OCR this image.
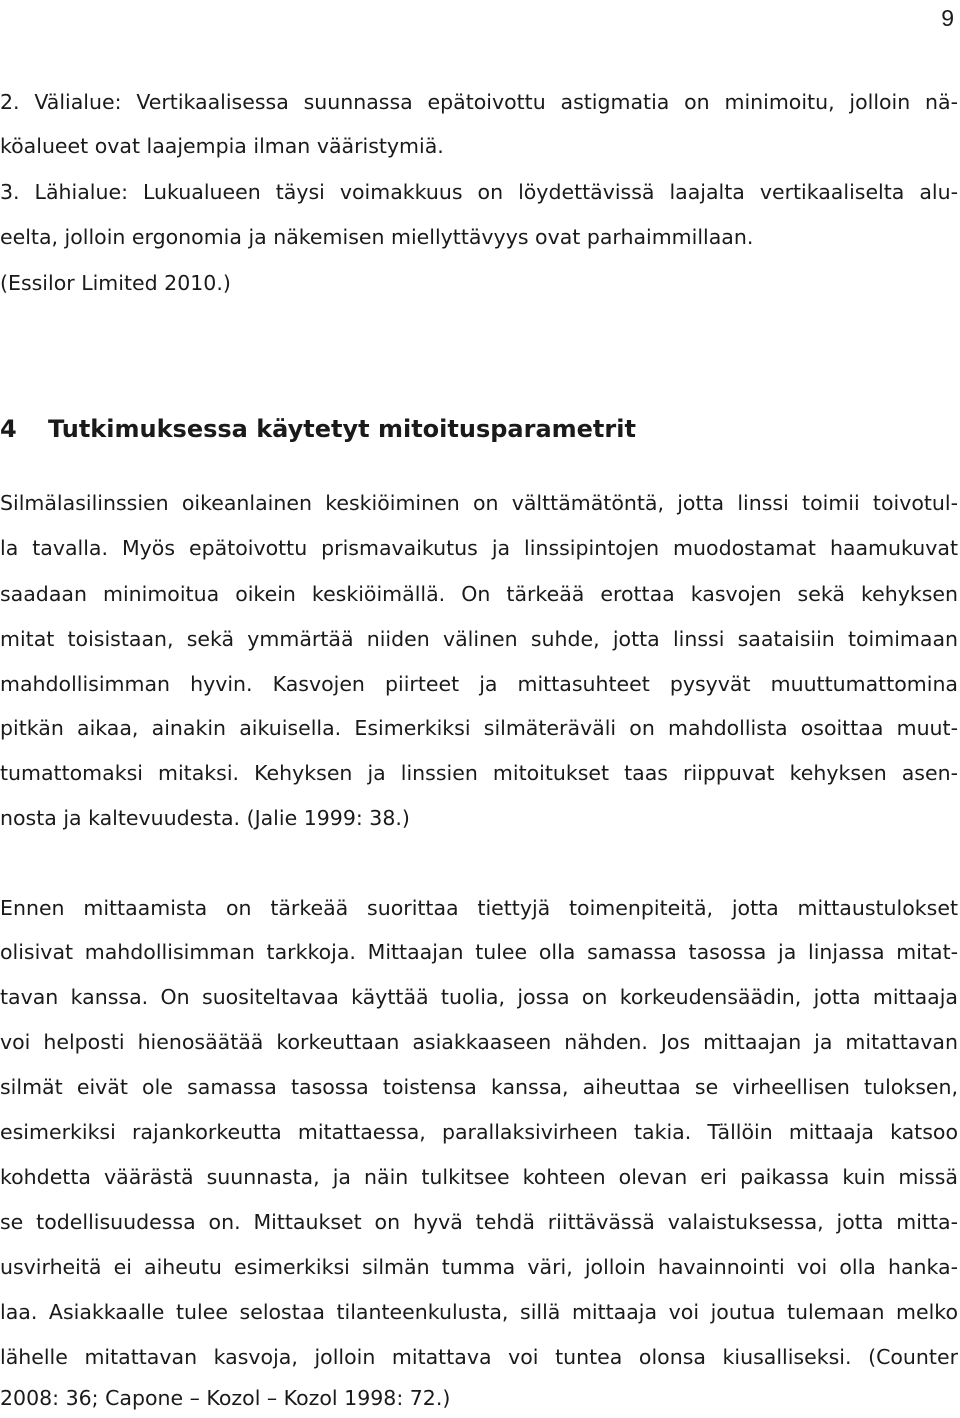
9
2. Välialue: Vertikaalisessa suunnassa epätoivottu astigmatia on minimoitu, jolloin nä-
köalueet ovat laajempia ilman vääristymiä.
3. Lähialue: Lukualueen täysi voimakkuus on löydettävissä laajalta vertikaaliselta alu-
eelta, jolloin ergonomia ja näkemisen miellyttävyys ovat parhaimmillaan.
(Essilor Limited 2010.)
4 Tutkimuksessa käytetyt mitoitusparametrit
Silmälasilinssien oikeanlainen keskiöiminen on välttämätöntä, jotta linssi toimii toivotul-
la tavalla. Myös epätoivottu prismavaikutus ja linssipintojen muodostamat haamukuvat
saadaan minimoitua oikein keskiöimällä. On tärkeää erottaa kasvojen sekä kehyksen
mitat toisistaan, sekä ymmärtää niiden välinen suhde, jotta linssi saataisiin toimimaan
mahdollisimman hyvin. Kasvojen piirteet ja mittasuhteet pysyvät muuttumattomina
pitkän aikaa, ainakin aikuisella. Esimerkiksi silmäteräväli on mahdollista osoittaa muut-
tumattomaksi mitaksi. Kehyksen ja linssien mitoitukset taas riippuvat kehyksen asen-
nosta ja kaltevuudesta. (Jalie 1999: 38.)
Ennen mittaamista on tärkeää suorittaa tiettyjä toimenpiteitä, jotta mittaustulokset
olisivat mahdollisimman tarkkoja. Mittaajan tulee olla samassa tasossa ja linjassa mitat-
tavan kanssa. On suositeltavaa käyttää tuolia, jossa on korkeudensäädin, jotta mittaaja
voi helposti hienosäätää korkeuttaan asiakkaaseen nähden. Jos mittaajan ja mitattavan
silmät eivät ole samassa tasossa toistensa kanssa, aiheuttaa se virheellisen tuloksen,
esimerkiksi rajankorkeutta mitattaessa, parallaksivirheen takia. Tällöin mittaaja katsoo
kohdetta väärästä suunnasta, ja näin tulkitsee kohteen olevan eri paikassa kuin missä
se todellisuudessa on. Mittaukset on hyvä tehdä riittävässä valaistuksessa, jotta mitta-
usvirheitä ei aiheutu esimerkiksi silmän tumma väri, jolloin havainnointi voi olla hanka-
laa. Asiakkaalle tulee selostaa tilanteenkulusta, sillä mittaaja voi joutua tulemaan melko
lähelle mitattavan kasvoja, jolloin mitattava voi tuntea olonsa kiusalliseksi. (Counter
2008: 36; Capone – Kozol – Kozol 1998: 72.)
